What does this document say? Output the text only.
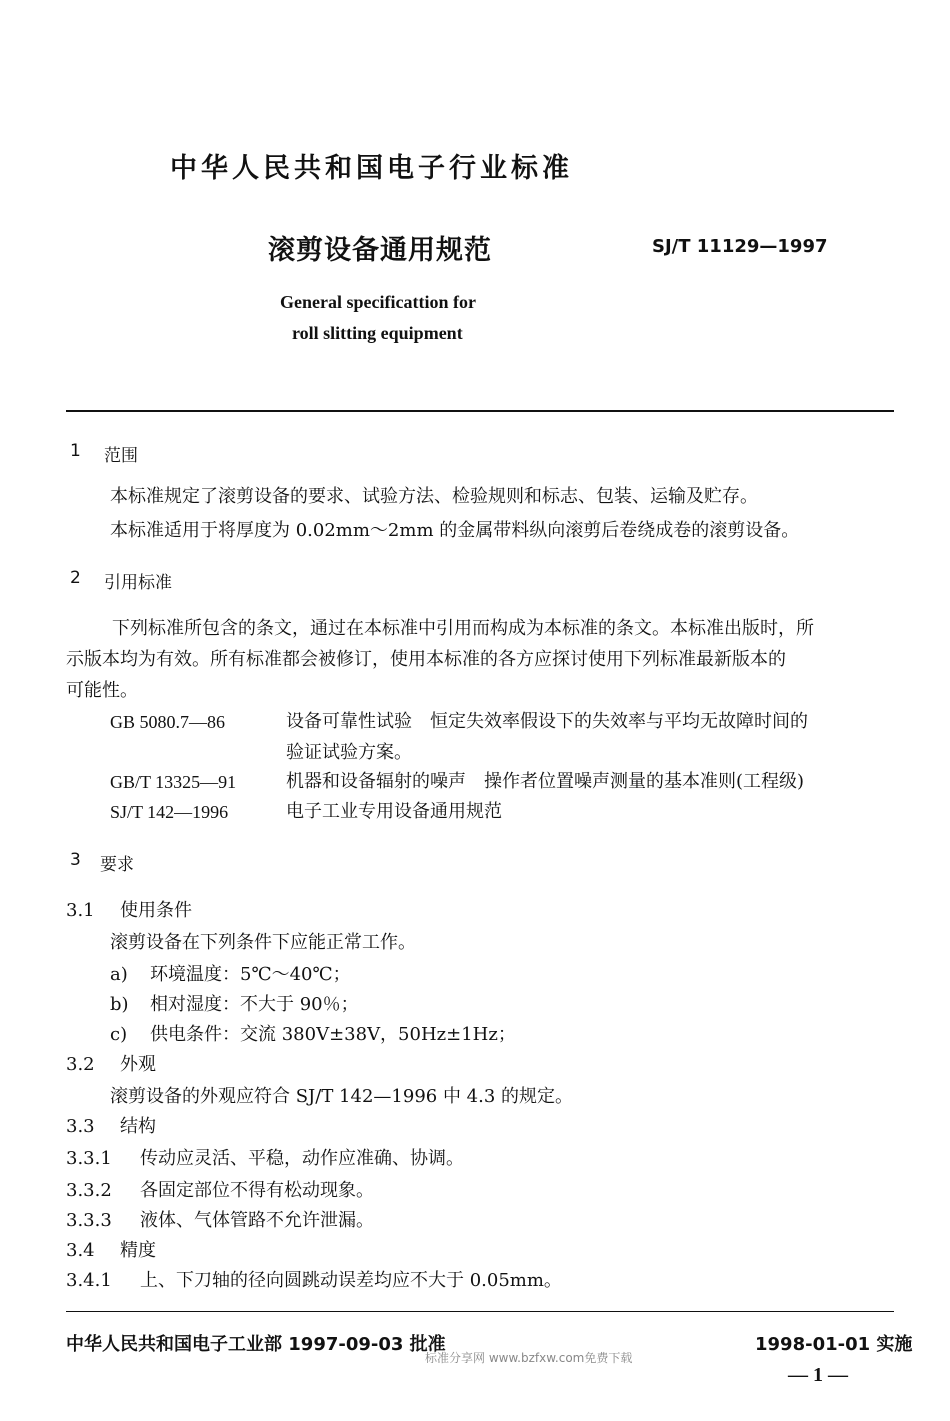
中华人民共和国电子行业标准
滚剪设备通用规范	SJ/T 11129—1997
General specificattion for
roll slitting equipment
1 范围
本标准规定了滚剪设备的要求、试验方法、检验规则和标志、包装、运输及贮存。
本标准适用于将厚度为 0.02mm～2mm 的金属带料纵向滚剪后卷绕成卷的滚剪设备。
2 引用标准
下列标准所包含的条文，通过在本标准中引用而构成为本标准的条文。本标准出版时，所
示版本均为有效。所有标准都会被修订，使用本标准的各方应探讨使用下列标准最新版本的
可能性。
GB 5080.7—86	设备可靠性试验　恒定失效率假设下的失效率与平均无故障时间的
验证试验方案。
GB/T 13325—91	机器和设备辐射的噪声　操作者位置噪声测量的基本准则(工程级)
SJ/T 142—1996	电子工业专用设备通用规范
3 要求
3.1 使用条件
滚剪设备在下列条件下应能正常工作。
a) 环境温度：5℃～40℃；
b) 相对湿度：不大于 90％；
c) 供电条件：交流 380V±38V，50Hz±1Hz；
3.2 外观
滚剪设备的外观应符合 SJ/T 142—1996 中 4.3 的规定。
3.3 结构
3.3.1 传动应灵活、平稳，动作应准确、协调。
3.3.2 各固定部位不得有松动现象。
3.3.3 液体、气体管路不允许泄漏。
3.4 精度
3.4.1 上、下刀轴的径向圆跳动误差均应不大于 0.05mm。
中华人民共和国电子工业部 1997-09-03 批准	1998-01-01 实施
标准分享网 www.bzfxw.com免费下载
— 1 —
